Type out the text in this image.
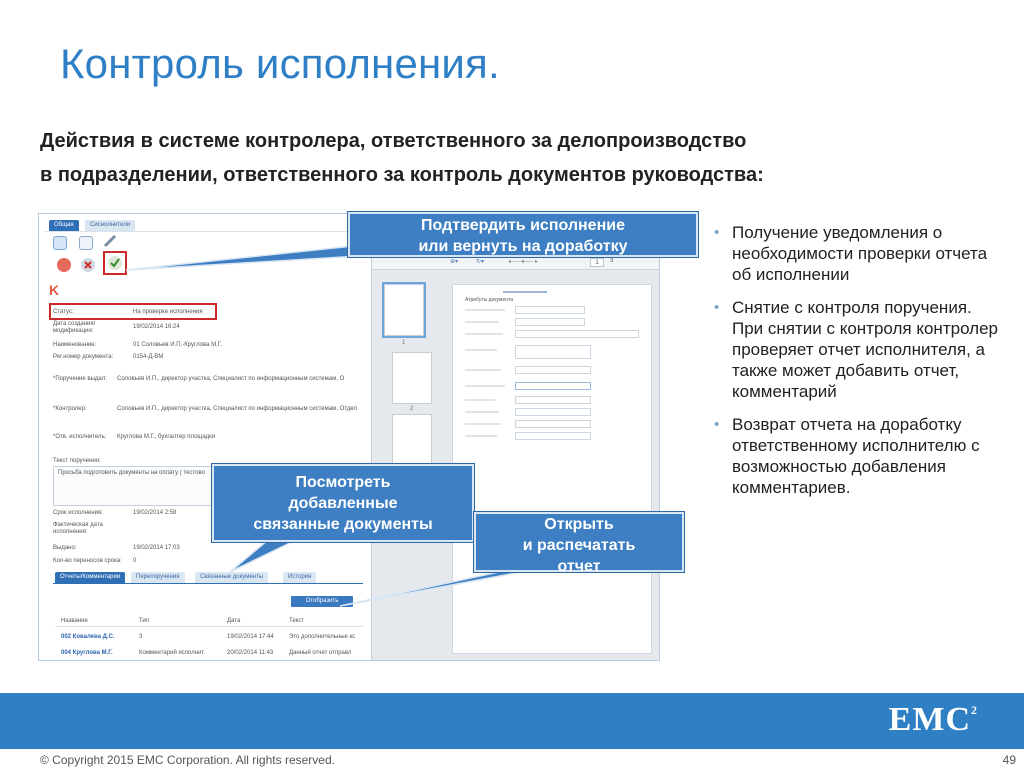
Контроль исполнения.
Действия в системе контролера, ответственного за делопроизводство
в подразделении, ответственного за контроль документов руководства:
Общая	Сиснолнители
K
Статус:	На проверке исполнения
Дата создания/модификации:
19/02/2014 16:24
Наименование:	01 Соловьев И.П.-Круглова М.Г.
Рег.номер документа:	0154-Д-ВМ
*Поручение выдал: Соловьев И.П., директор участка, Специалист по информационным системам, О
*Контролер:	Соловьев И.П., директор участка, Специалист по информационным системам, Отдел
*Отв. исполнитель: Круглова М.Г., бухгалтер площадки
Текст поручения:
Просьба подготовить документы на оплату ( тестово
Срок исполнения:	19/02/2014 2:58
Фактическая дата исполнения:
Выдано:	19/02/2014 17:03
Кол-во переносов срока: 0
Отчеты/Комментарии	Перепоручения	Связанные документы	История
Отобразить
Название	Тип	Дата	Текст
002 Ковалева Д.С.	3	19/02/2014 17:44	Это дополнительные кс
004 Круглова М.Г.	Комментарий исполнит.	20/02/2014 11:43	Данный отчет отправл
⊕▾	↻▾	◂ ──●── ▸	1	3
1
2
Атрибуты документа
Подтвердить исполнение
или вернуть на доработку
Посмотреть
добавленные
связанные документы	Открыть
и распечатать
отчет
• Получение уведомления о необходимости проверки отчета об исполнении
• Снятие с контроля поручения. При снятии с контроля контролер проверяет отчет исполнителя, а также может добавить отчет, комментарий
• Возврат отчета на доработку ответственному исполнителю с возможностью добавления комментариев.
EMC$^2$
© Copyright 2015 EMC Corporation. All rights reserved.	49
